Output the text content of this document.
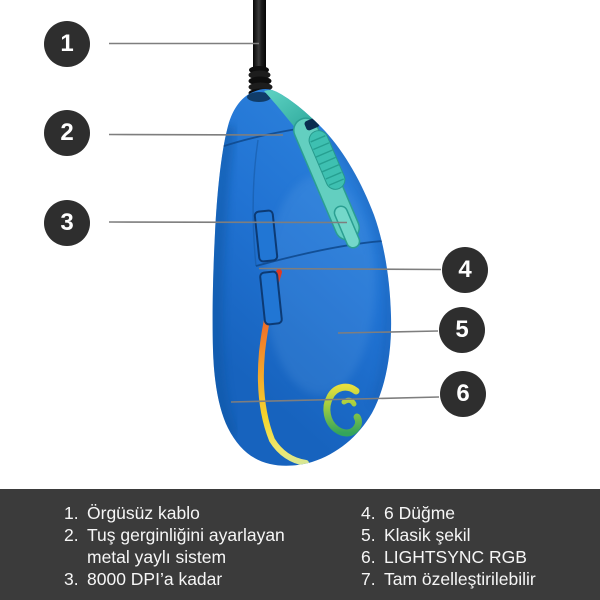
1
2
3
4
5
6
1. Örgüsüz kablo
2. Tuş gerginliğini ayarlayan metal yaylı sistem
3. 8000 DPI’a kadar
4. 6 Düğme
5. Klasik şekil
6. LIGHTSYNC RGB
7. Tam özelleştirilebilir
